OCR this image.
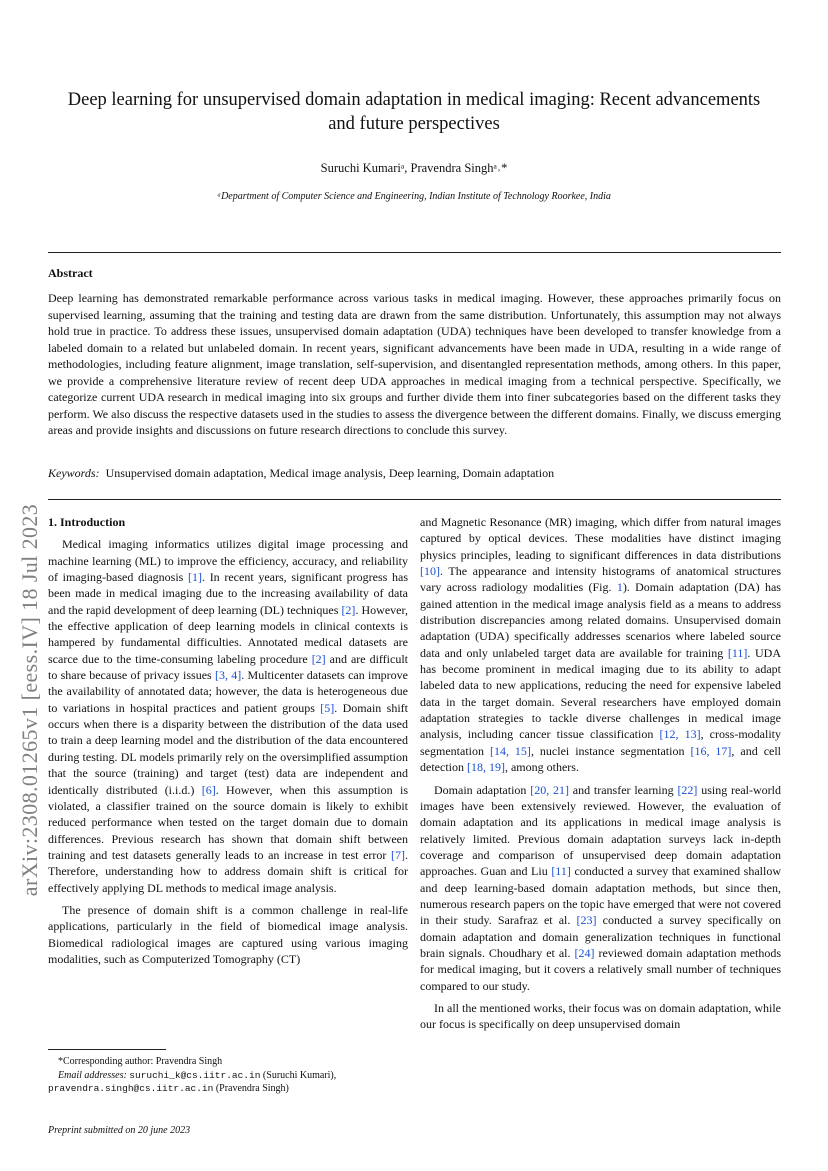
Deep learning for unsupervised domain adaptation in medical imaging: Recent advancements and future perspectives
Suruchi Kumariᵃ, Pravendra Singhᵃ˒*
ᵃDepartment of Computer Science and Engineering, Indian Institute of Technology Roorkee, India
Abstract

Deep learning has demonstrated remarkable performance across various tasks in medical imaging. However, these approaches primarily focus on supervised learning, assuming that the training and testing data are drawn from the same distribution. Unfortunately, this assumption may not always hold true in practice. To address these issues, unsupervised domain adaptation (UDA) techniques have been developed to transfer knowledge from a labeled domain to a related but unlabeled domain. In recent years, significant advancements have been made in UDA, resulting in a wide range of methodologies, including feature alignment, image translation, self-supervision, and disentangled representation methods, among others. In this paper, we provide a comprehensive literature review of recent deep UDA approaches in medical imaging from a technical perspective. Specifically, we categorize current UDA research in medical imaging into six groups and further divide them into finer subcategories based on the different tasks they perform. We also discuss the respective datasets used in the studies to assess the divergence between the different domains. Finally, we discuss emerging areas and provide insights and discussions on future research directions to conclude this survey.

Keywords: Unsupervised domain adaptation, Medical image analysis, Deep learning, Domain adaptation
arXiv:2308.01265v1 [eess.IV] 18 Jul 2023 1. Introduction

Medical imaging informatics utilizes digital image processing and machine learning (ML) to improve the efficiency, accuracy, and reliability of imaging-based diagnosis [1]. In recent years, significant progress has been made in medical imaging due to the increasing availability of data and the rapid development of deep learning (DL) techniques [2]. However, the effective application of deep learning models in clinical contexts is hampered by fundamental difficulties. Annotated medical datasets are scarce due to the time-consuming labeling procedure [2] and are difficult to share because of privacy issues [3, 4]. Multicenter datasets can improve the availability of annotated data; however, the data is heterogeneous due to variations in hospital practices and patient groups [5]. Domain shift occurs when there is a disparity between the distribution of the data used to train a deep learning model and the distribution of the data encountered during testing. DL models primarily rely on the oversimplified assumption that the source (training) and target (test) data are independent and identically distributed (i.i.d.) [6]. However, when this assumption is violated, a classifier trained on the source domain is likely to exhibit reduced performance when tested on the target domain due to domain differences. Previous research has shown that domain shift between training and test datasets generally leads to an increase in test error [7]. Therefore, understanding how to address domain shift is critical for effectively applying DL methods to medical image analysis.

The presence of domain shift is a common challenge in real-life applications, particularly in the field of biomedical image analysis. Biomedical radiological images are captured using various imaging modalities, such as Computerized Tomography (CT)

and Magnetic Resonance (MR) imaging, which differ from natural images captured by optical devices. These modalities have distinct imaging physics principles, leading to significant differences in data distributions [10]. The appearance and intensity histograms of anatomical structures vary across radiology modalities (Fig. 1). Domain adaptation (DA) has gained attention in the medical image analysis field as a means to address distribution discrepancies among related domains. Unsupervised domain adaptation (UDA) specifically addresses scenarios where labeled source data and only unlabeled target data are available for training [11]. UDA has become prominent in medical imaging due to its ability to adapt labeled data to new applications, reducing the need for expensive labeled data in the target domain. Several researchers have employed domain adaptation strategies to tackle diverse challenges in medical image analysis, including cancer tissue classification [12, 13], cross-modality segmentation [14, 15], nuclei instance segmentation [16, 17], and cell detection [18, 19], among others.

Domain adaptation [20, 21] and transfer learning [22] using real-world images have been extensively reviewed. However, the evaluation of domain adaptation and its applications in medical image analysis is relatively limited. Previous domain adaptation surveys lack in-depth coverage and comparison of unsupervised deep domain adaptation approaches. Guan and Liu [11] conducted a survey that examined shallow and deep learning-based domain adaptation methods, but since then, numerous research papers on the topic have emerged that were not covered in their study. Sarafraz et al. [23] conducted a survey specifically on domain adaptation and domain generalization techniques in functional brain signals. Choudhary et al. [24] reviewed domain adaptation methods for medical imaging, but it covers a relatively small number of techniques compared to our study.

In all the mentioned works, their focus was on domain adaptation, while our focus is specifically on deep unsupervised domain

*Corresponding author: Pravendra Singh
Email addresses: suruchi_k@cs.iitr.ac.in (Suruchi Kumari),
pravendra.singh@cs.iitr.ac.in (Pravendra Singh)
Preprint submitted on 20 june 2023
